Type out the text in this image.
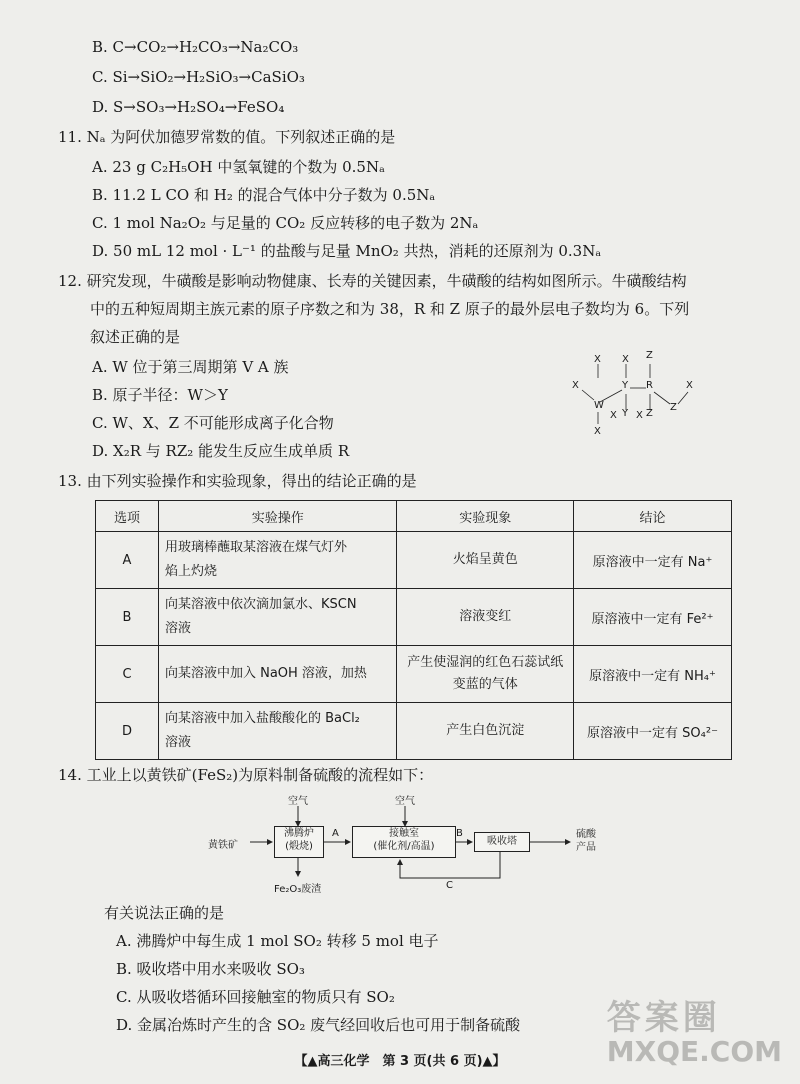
B. C→CO₂→H₂CO₃→Na₂CO₃
C. Si→SiO₂→H₂SiO₃→CaSiO₃
D. S→SO₃→H₂SO₄→FeSO₄
11. Nₐ 为阿伏加德罗常数的值。下列叙述正确的是
A. 23 g C₂H₅OH 中氢氧键的个数为 0.5Nₐ
B. 11.2 L CO 和 H₂ 的混合气体中分子数为 0.5Nₐ
C. 1 mol Na₂O₂ 与足量的 CO₂ 反应转移的电子数为 2Nₐ
D. 50 mL 12 mol · L⁻¹ 的盐酸与足量 MnO₂ 共热，消耗的还原剂为 0.3Nₐ
12. 研究发现，牛磺酸是影响动物健康、长寿的关键因素，牛磺酸的结构如图所示。牛磺酸结构
中的五种短周期主族元素的原子序数之和为 38，R 和 Z 原子的最外层电子数均为 6。下列
叙述正确的是
A. W 位于第三周期第 V A 族
B. 原子半径：W＞Y
C. W、X、Z 不可能形成离子化合物
D. X₂R 与 RZ₂ 能发生反应生成单质 R
X X Z
X	Y R	X
W
Y Z
Z
X
X X
13. 由下列实验操作和实验现象，得出的结论正确的是
选项	实验操作	实验现象	结论
A	用玻璃棒蘸取某溶液在煤气灯外
焰上灼烧	火焰呈黄色	原溶液中一定有 Na⁺
B	向某溶液中依次滴加氯水、KSCN
溶液	溶液变红	原溶液中一定有 Fe²⁺
C	向某溶液中加入 NaOH 溶液，加热	产生使湿润的红色石蕊试纸
变蓝的气体	原溶液中一定有 NH₄⁺
D	向某溶液中加入盐酸酸化的 BaCl₂
溶液	产生白色沉淀	原溶液中一定有 SO₄²⁻
14. 工业上以黄铁矿(FeS₂)为原料制备硫酸的流程如下：
空气	空气
黄铁矿
沸腾炉
(煅烧)
A	接触室
(催化剂/高温)
B
吸收塔
硫酸
产品
Fe₂O₃废渣	C
有关说法正确的是
A. 沸腾炉中每生成 1 mol SO₂ 转移 5 mol 电子
B. 吸收塔中用水来吸收 SO₃
C. 从吸收塔循环回接触室的物质只有 SO₂
D. 金属冶炼时产生的含 SO₂ 废气经回收后也可用于制备硫酸
【▲高三化学　第 3 页(共 6 页)▲】
答案圈
MXQE.COM
